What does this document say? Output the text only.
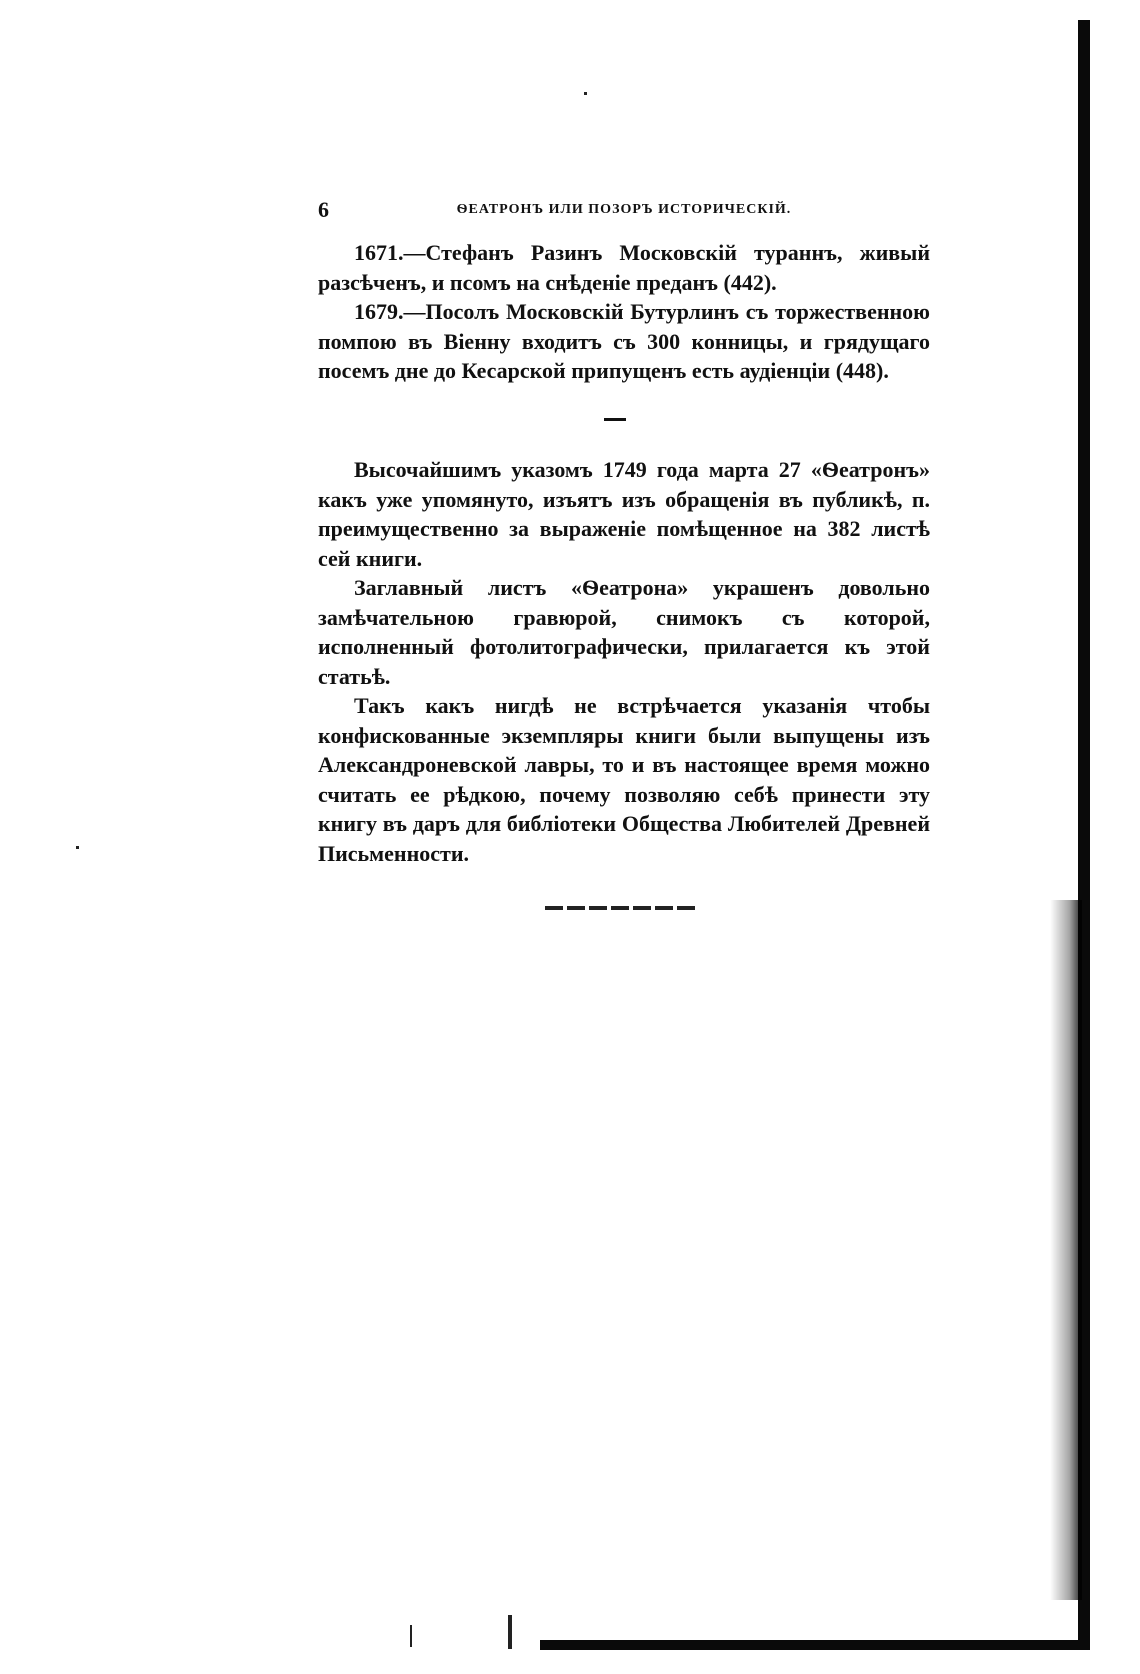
6	ѲЕАТРОНЪ ИЛИ ПОЗОРЪ ИСТОРИЧЕСКІЙ.

1671.—Стефанъ Разинъ Московскій тураннъ, живый разсѣченъ, и псомъ на снѣденіе преданъ (442).

1679.—Посолъ Московскій Бутурлинъ съ торжественною помпою въ Віенну входитъ съ 300 конницы, и грядущаго посемъ дне до Кесарской припущенъ есть аудіенціи (448).

Высочайшимъ указомъ 1749 года марта 27 «Ѳеатронъ» какъ уже упомянуто, изъятъ изъ обращенія въ публикѣ, п. преимущественно за выраженіе помѣщенное на 382 листѣ сей книги.

Заглавный листъ «Ѳеатрона» украшенъ довольно замѣчательною гравюрой, снимокъ съ которой, исполненный фотолитографически, прилагается къ этой статьѣ.

Такъ какъ нигдѣ не встрѣчается указанія чтобы конфискованные экземпляры книги были выпущены изъ Александроневской лавры, то и въ настоящее время можно считать ее рѣдкою, почему позволяю себѣ принести эту книгу въ даръ для библіотеки Общества Любителей Древней Письменности.
